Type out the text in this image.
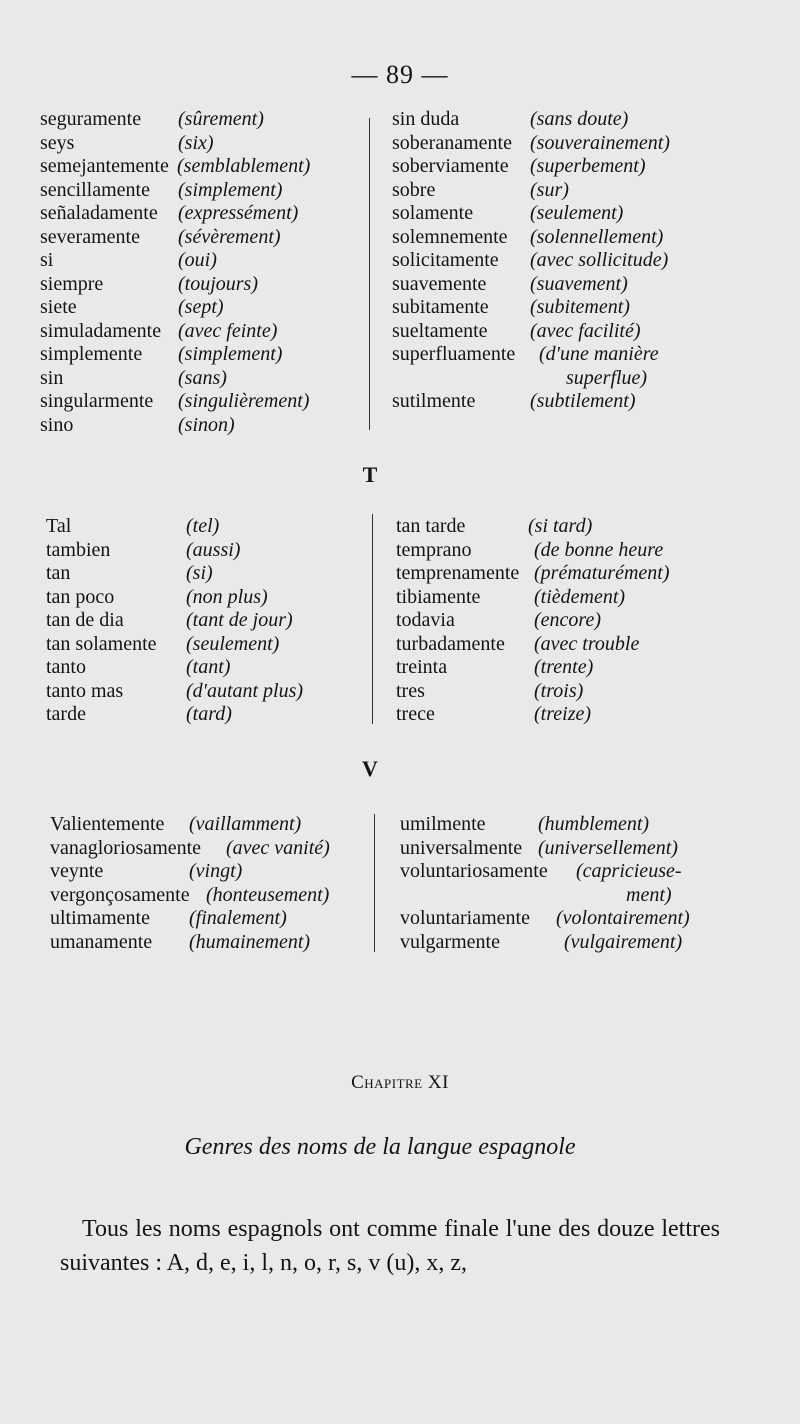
— 89 —
seguramente (sûrement)
seys	(six)
semejantemente (semblablement)
sencillamente (simplement)
señaladamente (expressément)
severamente (sévèrement)
si	(oui)
siempre	(toujours)
siete	(sept)
simuladamente (avec feinte)
simplemente (simplement)
sin	(sans)
singularmente (singulièrement)
sino	(sinon)
sin duda	(sans doute)
soberanamente (souverainement)
soberviamente (superbement)
sobre	(sur)
solamente	(seulement)
solemnemente (solennellement)
solicitamente (avec sollicitude)
suavemente (suavement)
subitamente (subitement)
sueltamente (avec facilité)
superfluamente (d'une manière
superflue)
sutilmente	(subtilement)
T
Tal	(tel)
tambien	(aussi)
tan	(si)
tan poco	(non plus)
tan de dia	(tant de jour)
tan solamente (seulement)
tanto	(tant)
tanto mas	(d'autant plus)
tarde	(tard)
tan tarde	(si tard)
temprano	(de bonne heure
temprenamente (prématurément)
tibiamente	(tièdement)
todavia	(encore)
turbadamente (avec trouble
treinta	(trente)
tres	(trois)
trece	(treize)
V
Valientemente (vaillamment)
vanagloriosamente (avec vanité)
veynte	(vingt)
vergonçosamente (honteusement)
ultimamente (finalement)
umanamente (humainement)
umilmente	(humblement)
universalmente (universellement)
voluntariosamente (capricieuse-
ment)
voluntariamente (volontairement)
vulgarmente	(vulgairement)
Chapitre XI
Genres des noms de la langue espagnole
Tous les noms espagnols ont comme finale l'une des douze lettres suivantes : A, d, e, i, l, n, o, r, s, v (u), x, z,
